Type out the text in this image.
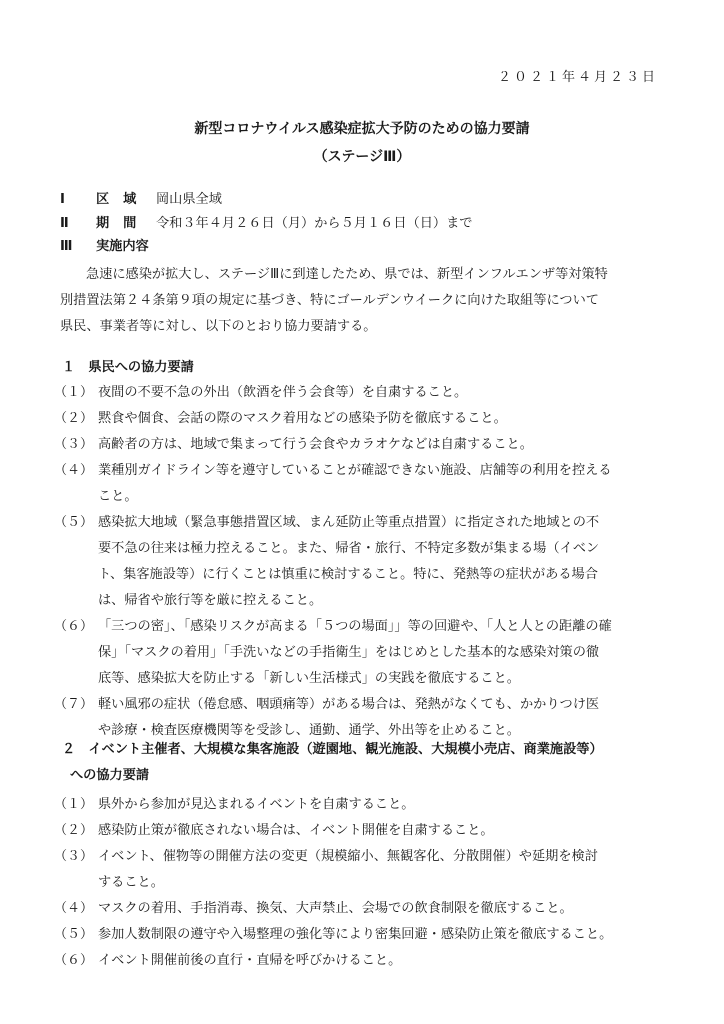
２０２１年４月２３日
新型コロナウイルス感染症拡大予防のための協力要請
（ステージⅢ）
Ⅰ 区域 岡山県全域
Ⅱ 期間 令和３年４月２６日（月）から５月１６日（日）まで
Ⅲ 実施内容
急速に感染が拡大し、ステージⅢに到達したため、県では、新型インフルエンザ等対策特
別措置法第２４条第９項の規定に基づき、特にゴールデンウイークに向けた取組等について
県民、事業者等に対し、以下のとおり協力要請する。
１　県民への協力要請
（１） 夜間の不要不急の外出（飲酒を伴う会食等）を自粛すること。
（２） 黙食や個食、会話の際のマスク着用などの感染予防を徹底すること。
（３） 高齢者の方は、地域で集まって行う会食やカラオケなどは自粛すること。
（４） 業種別ガイドライン等を遵守していることが確認できない施設、店舗等の利用を控える
こと。
（５） 感染拡大地域（緊急事態措置区域、まん延防止等重点措置）に指定された地域との不
要不急の往来は極力控えること。また、帰省・旅行、不特定多数が集まる場（イベン
ト、集客施設等）に行くことは慎重に検討すること。特に、発熱等の症状がある場合
は、帰省や旅行等を厳に控えること。
（６） 「三つの密」、「感染リスクが高まる「５つの場面」」等の回避や、「人と人との距離の確
保」「マスクの着用」「手洗いなどの手指衛生」をはじめとした基本的な感染対策の徹
底等、感染拡大を防止する「新しい生活様式」の実践を徹底すること。
（７） 軽い風邪の症状（倦怠感、咽頭痛等）がある場合は、発熱がなくても、かかりつけ医
や診療・検査医療機関等を受診し、通勤、通学、外出等を止めること。
２　イベント主催者、大規模な集客施設（遊園地、観光施設、大規模小売店、商業施設等）
への協力要請
（１） 県外から参加が見込まれるイベントを自粛すること。
（２） 感染防止策が徹底されない場合は、イベント開催を自粛すること。
（３） イベント、催物等の開催方法の変更（規模縮小、無観客化、分散開催）や延期を検討
すること。
（４） マスクの着用、手指消毒、換気、大声禁止、会場での飲食制限を徹底すること。
（５） 参加人数制限の遵守や入場整理の強化等により密集回避・感染防止策を徹底すること。
（６） イベント開催前後の直行・直帰を呼びかけること。
